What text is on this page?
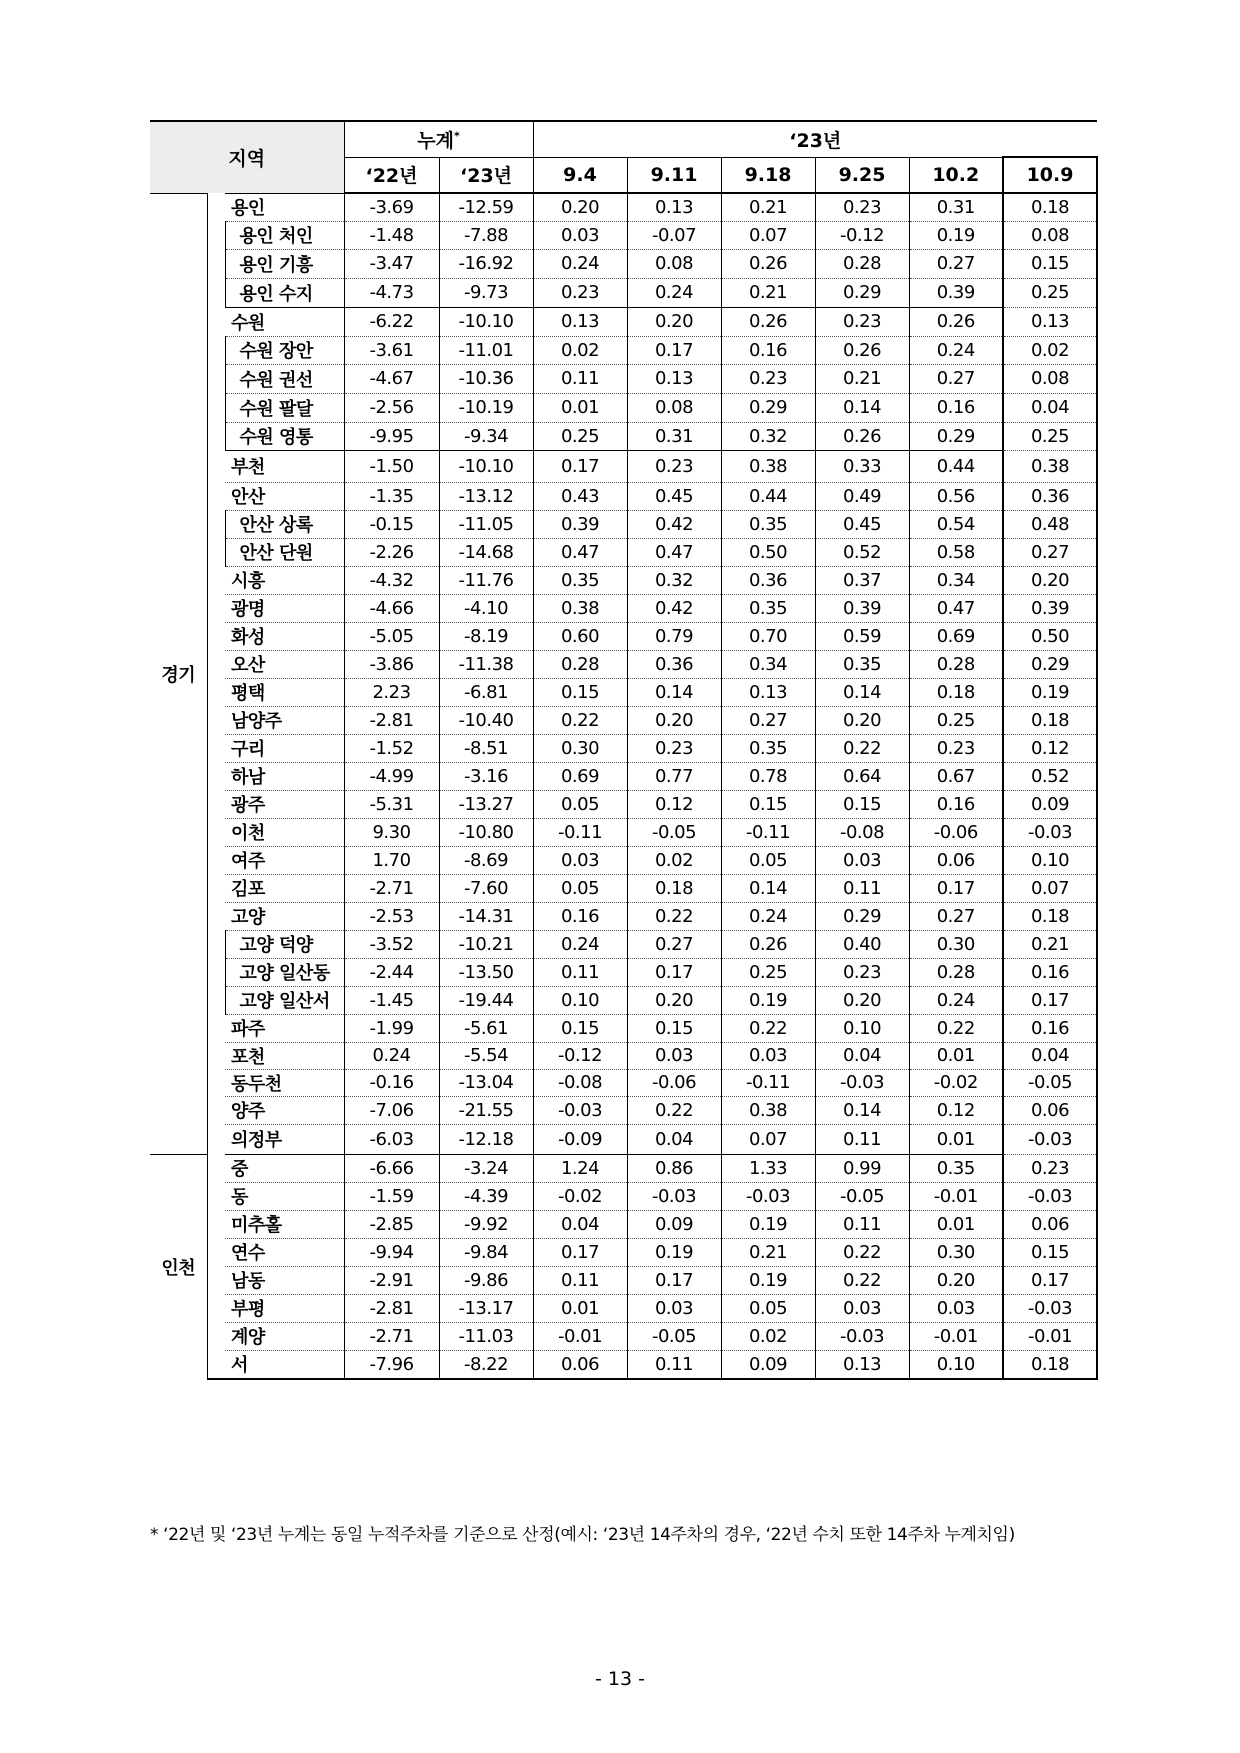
지역			누계*		‘23년					
			‘22년	‘23년	9.4	9.11	9.18	9.25	10.2	10.9
경기		용인	-3.69	-12.59	0.20	0.13	0.21	0.23	0.31	0.18
		용인 처인	-1.48	-7.88	0.03	-0.07	0.07	-0.12	0.19	0.08
		용인 기흥	-3.47	-16.92	0.24	0.08	0.26	0.28	0.27	0.15
		용인 수지	-4.73	-9.73	0.23	0.24	0.21	0.29	0.39	0.25
		수원	-6.22	-10.10	0.13	0.20	0.26	0.23	0.26	0.13
		수원 장안	-3.61	-11.01	0.02	0.17	0.16	0.26	0.24	0.02
		수원 권선	-4.67	-10.36	0.11	0.13	0.23	0.21	0.27	0.08
		수원 팔달	-2.56	-10.19	0.01	0.08	0.29	0.14	0.16	0.04
		수원 영통	-9.95	-9.34	0.25	0.31	0.32	0.26	0.29	0.25
		부천	-1.50	-10.10	0.17	0.23	0.38	0.33	0.44	0.38
		안산	-1.35	-13.12	0.43	0.45	0.44	0.49	0.56	0.36
		안산 상록	-0.15	-11.05	0.39	0.42	0.35	0.45	0.54	0.48
		안산 단원	-2.26	-14.68	0.47	0.47	0.50	0.52	0.58	0.27
		시흥	-4.32	-11.76	0.35	0.32	0.36	0.37	0.34	0.20
		광명	-4.66	-4.10	0.38	0.42	0.35	0.39	0.47	0.39
		화성	-5.05	-8.19	0.60	0.79	0.70	0.59	0.69	0.50
		오산	-3.86	-11.38	0.28	0.36	0.34	0.35	0.28	0.29
		평택	2.23	-6.81	0.15	0.14	0.13	0.14	0.18	0.19
		남양주	-2.81	-10.40	0.22	0.20	0.27	0.20	0.25	0.18
		구리	-1.52	-8.51	0.30	0.23	0.35	0.22	0.23	0.12
		하남	-4.99	-3.16	0.69	0.77	0.78	0.64	0.67	0.52
		광주	-5.31	-13.27	0.05	0.12	0.15	0.15	0.16	0.09
		이천	9.30	-10.80	-0.11	-0.05	-0.11	-0.08	-0.06	-0.03
		여주	1.70	-8.69	0.03	0.02	0.05	0.03	0.06	0.10
		김포	-2.71	-7.60	0.05	0.18	0.14	0.11	0.17	0.07
		고양	-2.53	-14.31	0.16	0.22	0.24	0.29	0.27	0.18
		고양 덕양	-3.52	-10.21	0.24	0.27	0.26	0.40	0.30	0.21
		고양 일산동	-2.44	-13.50	0.11	0.17	0.25	0.23	0.28	0.16
		고양 일산서	-1.45	-19.44	0.10	0.20	0.19	0.20	0.24	0.17
		파주	-1.99	-5.61	0.15	0.15	0.22	0.10	0.22	0.16
		포천	0.24	-5.54	-0.12	0.03	0.03	0.04	0.01	0.04
		동두천	-0.16	-13.04	-0.08	-0.06	-0.11	-0.03	-0.02	-0.05
		양주	-7.06	-21.55	-0.03	0.22	0.38	0.14	0.12	0.06
		의정부	-6.03	-12.18	-0.09	0.04	0.07	0.11	0.01	-0.03
인천		중	-6.66	-3.24	1.24	0.86	1.33	0.99	0.35	0.23
		동	-1.59	-4.39	-0.02	-0.03	-0.03	-0.05	-0.01	-0.03
		미추홀	-2.85	-9.92	0.04	0.09	0.19	0.11	0.01	0.06
		연수	-9.94	-9.84	0.17	0.19	0.21	0.22	0.30	0.15
		남동	-2.91	-9.86	0.11	0.17	0.19	0.22	0.20	0.17
		부평	-2.81	-13.17	0.01	0.03	0.05	0.03	0.03	-0.03
		계양	-2.71	-11.03	-0.01	-0.05	0.02	-0.03	-0.01	-0.01
		서	-7.96	-8.22	0.06	0.11	0.09	0.13	0.10	0.18
* ‘22년 및 ‘23년 누계는 동일 누적주차를 기준으로 산정(예시: ‘23년 14주차의 경우, ‘22년 수치 또한 14주차 누계치임)
- 13 -
